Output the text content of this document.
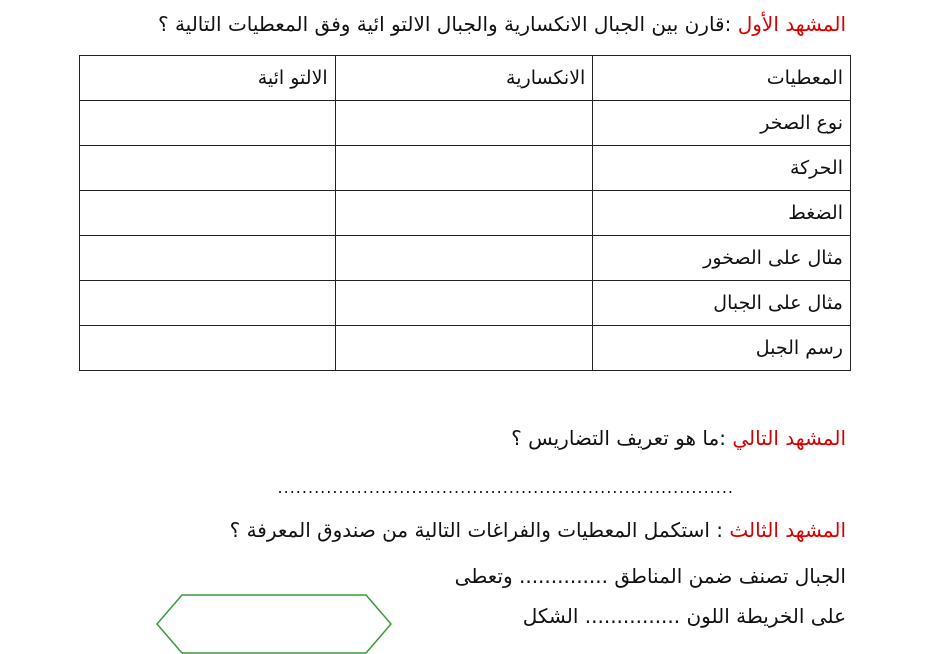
المشهد الأول :قارن بين الجبال الانكسارية والجبال الالتو ائية وفق المعطيات التالية ؟
المعطيات	الانكسارية	الالتو ائية
نوع الصخر		
الحركة		
الضغط		
مثال على الصخور		
مثال على الجبال		
رسم الجبل		
المشهد التالي :ما هو تعريف التضاريس ؟
...........................................................................
المشهد الثالث : استكمل المعطيات والفراغات التالية من صندوق المعرفة ؟
الجبال تصنف ضمن المناطق .............. وتعطى
على الخريطة اللون ............... الشكل
